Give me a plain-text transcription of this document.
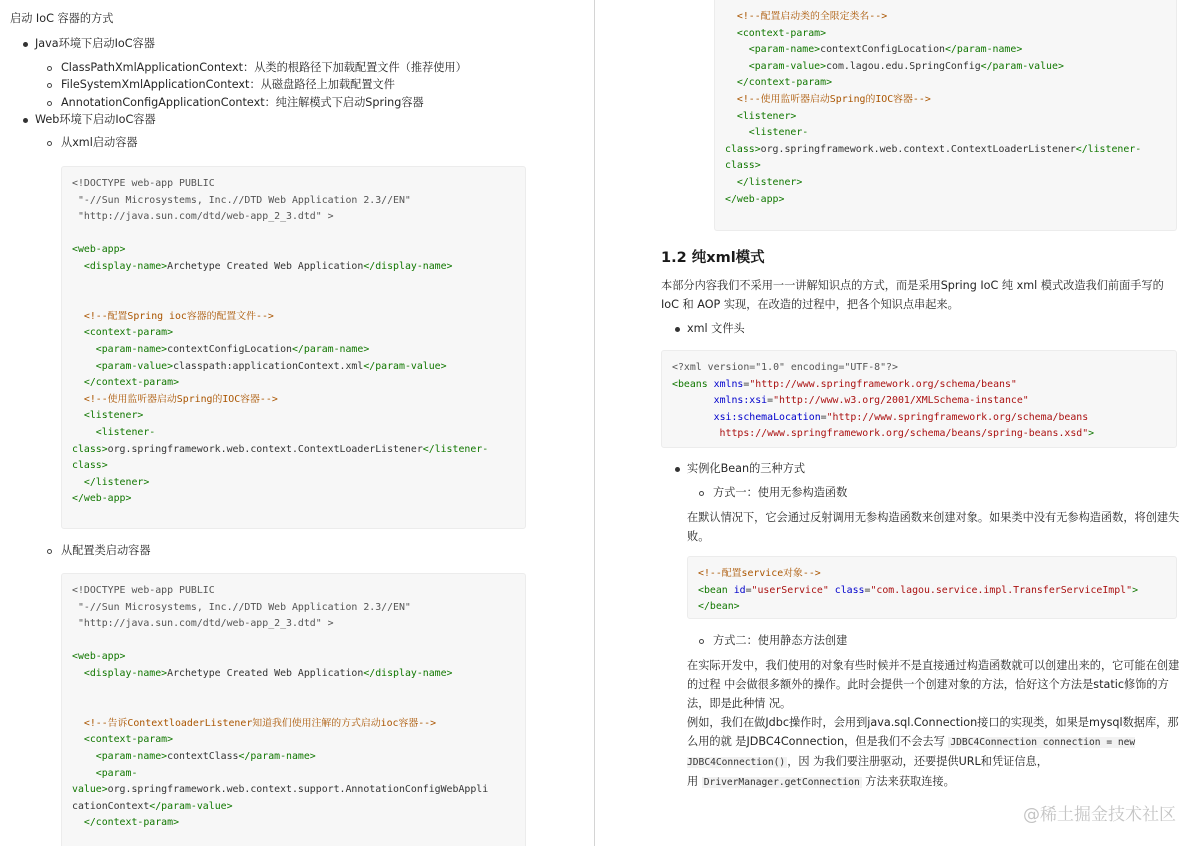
启动 IoC 容器的方式
Java环境下启动IoC容器
ClassPathXmlApplicationContext：从类的根路径下加载配置文件（推荐使用）
FileSystemXmlApplicationContext：从磁盘路径上加载配置文件
AnnotationConfigApplicationContext：纯注解模式下启动Spring容器
Web环境下启动IoC容器
从xml启动容器
<!DOCTYPE web-app PUBLIC
"-//Sun Microsystems, Inc.//DTD Web Application 2.3//EN"
"http://java.sun.com/dtd/web-app_2_3.dtd" >

<web-app>
<display-name>Archetype Created Web Application</display-name>

<!--配置Spring ioc容器的配置文件-->
<context-param>
<param-name>contextConfigLocation</param-name>
<param-value>classpath:applicationContext.xml</param-value>
</context-param>
<!--使用监听器启动Spring的IOC容器-->
<listener>
<listener-
class>org.springframework.web.context.ContextLoaderListener</listener-
class>
</listener>
</web-app>
从配置类启动容器
<!DOCTYPE web-app PUBLIC
"-//Sun Microsystems, Inc.//DTD Web Application 2.3//EN"
"http://java.sun.com/dtd/web-app_2_3.dtd" >

<web-app>
<display-name>Archetype Created Web Application</display-name>

<!--告诉ContextloaderListener知道我们使用注解的方式启动ioc容器-->
<context-param>
<param-name>contextClass</param-name>
<param-
value>org.springframework.web.context.support.AnnotationConfigWebAppli
cationContext</param-value>
</context-param>
<!--配置启动类的全限定类名-->
<context-param>
<param-name>contextConfigLocation</param-name>
<param-value>com.lagou.edu.SpringConfig</param-value>
</context-param>
<!--使用监听器启动Spring的IOC容器-->
<listener>
<listener-
class>org.springframework.web.context.ContextLoaderListener</listener-
class>
</listener>
</web-app>
1.2 纯xml模式
本部分内容我们不采用一一讲解知识点的方式，而是采用Spring IoC 纯 xml 模式改造我们前面手写的IoC 和 AOP 实现，在改造的过程中，把各个知识点串起来。
xml 文件头
<?xml version="1.0" encoding="UTF-8"?>
<beans xmlns="http://www.springframework.org/schema/beans"
xmlns:xsi="http://www.w3.org/2001/XMLSchema-instance"
xsi:schemaLocation="http://www.springframework.org/schema/beans
https://www.springframework.org/schema/beans/spring-beans.xsd">
实例化Bean的三种方式
方式一：使用无参构造函数
在默认情况下，它会通过反射调用无参构造函数来创建对象。如果类中没有无参构造函数，将创建失败。
<!--配置service对象-->
<bean id="userService" class="com.lagou.service.impl.TransferServiceImpl">
</bean>
方式二：使用静态方法创建
在实际开发中，我们使用的对象有些时候并不是直接通过构造函数就可以创建出来的，它可能在创建的过程 中会做很多额外的操作。此时会提供一个创建对象的方法，恰好这个方法是static修饰的方法，即是此种情 况。
例如，我们在做Jdbc操作时，会用到java.sql.Connection接口的实现类，如果是mysql数据库，那么用的就 是JDBC4Connection，但是我们不会去写 JDBC4Connection connection = new JDBC4Connection() ，因 为我们要注册驱动，还要提供URL和凭证信息，
用 DriverManager.getConnection 方法来获取连接。
@稀土掘金技术社区
